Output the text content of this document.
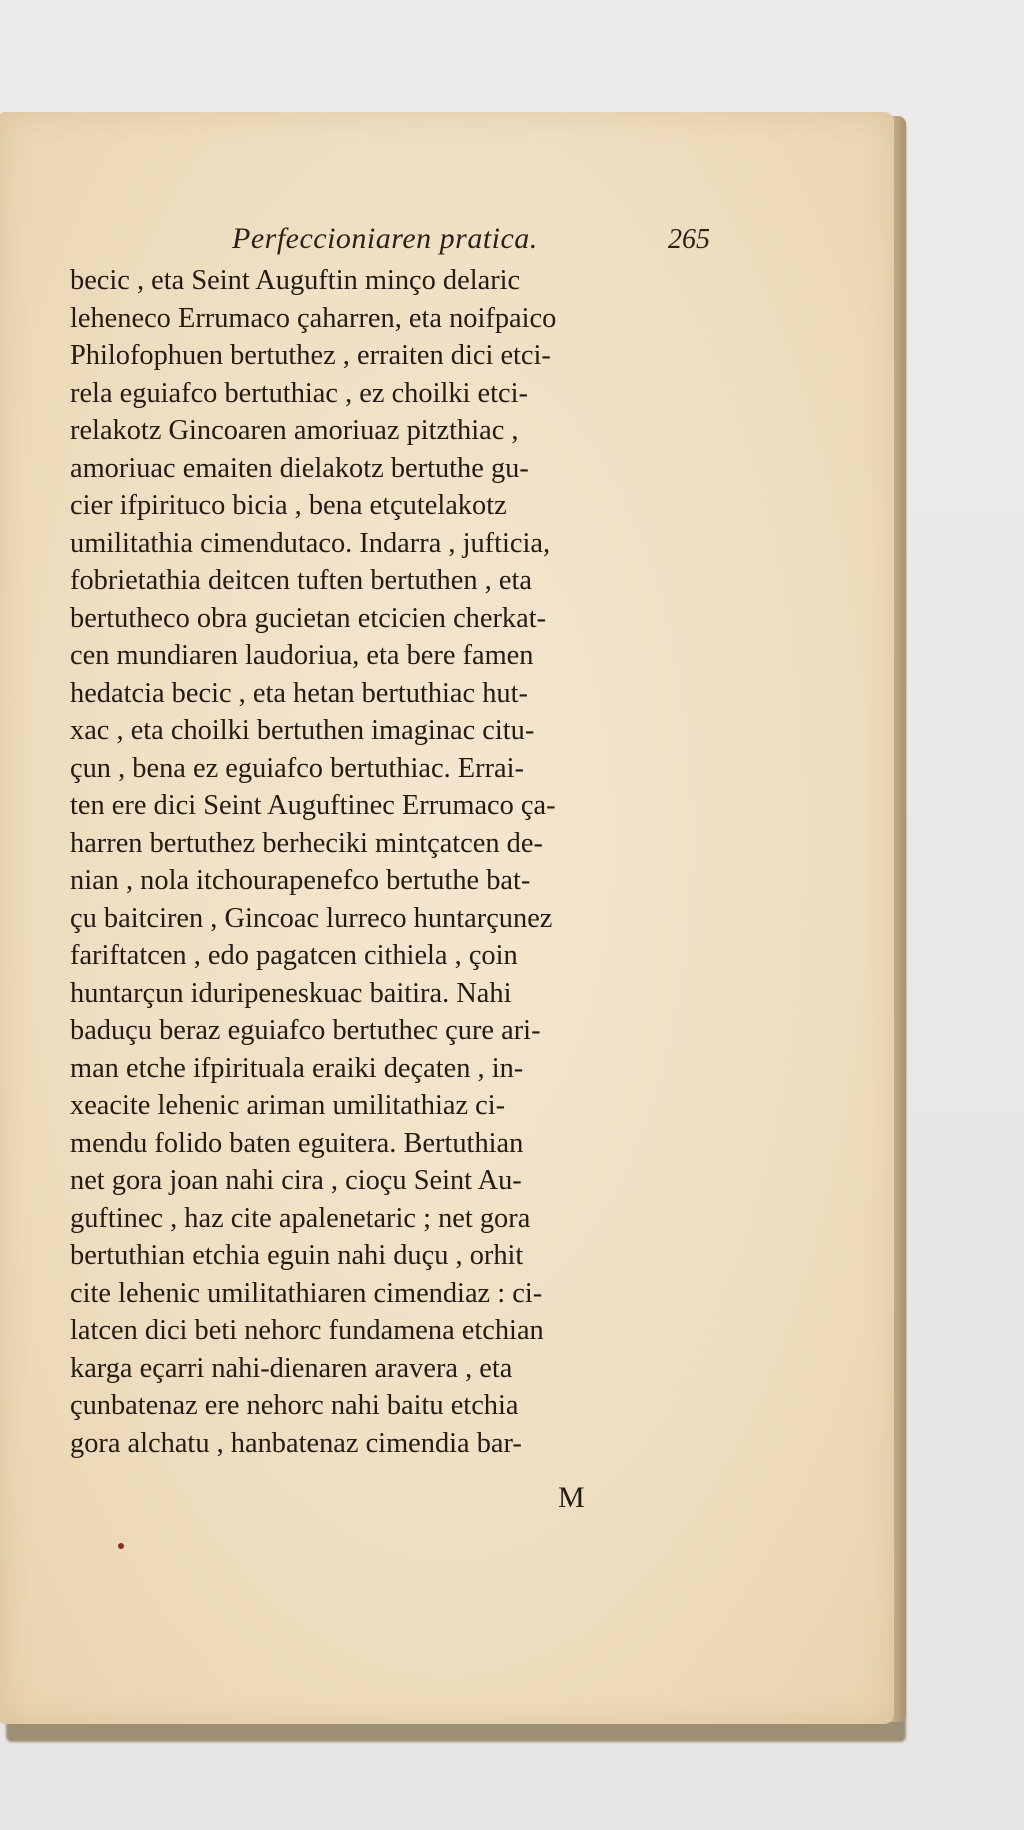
Perfeccioniaren pratica.	265
becic , eta Seint Auguftin minço delaric
leheneco Errumaco çaharren, eta noifpaico
Philofophuen bertuthez , erraiten dici etci-
rela eguiafco bertuthiac , ez choilki etci-
relakotz Gincoaren amoriuaz pitzthiac ,
amoriuac emaiten dielakotz bertuthe gu-
cier ifpirituco bicia , bena etçutelakotz
umilitathia cimendutaco. Indarra , jufticia,
fobrietathia deitcen tuften bertuthen , eta
bertutheco obra gucietan etcicien cherkat-
cen mundiaren laudoriua, eta bere famen
hedatcia becic , eta hetan bertuthiac hut-
xac , eta choilki bertuthen imaginac citu-
çun , bena ez eguiafco bertuthiac. Errai-
ten ere dici Seint Auguftinec Errumaco ça-
harren bertuthez berheciki mintçatcen de-
nian , nola itchourapenefco bertuthe bat-
çu baitciren , Gincoac lurreco huntarçunez
fariftatcen , edo pagatcen cithiela , çoin
huntarçun iduripeneskuac baitira. Nahi
baduçu beraz eguiafco bertuthec çure ari-
man etche ifpirituala eraiki deçaten , in-
xeacite lehenic ariman umilitathiaz ci-
mendu folido baten eguitera. Bertuthian
net gora joan nahi cira , cioçu Seint Au-
guftinec , haz cite apalenetaric ; net gora
bertuthian etchia eguin nahi duçu , orhit
cite lehenic umilitathiaren cimendiaz : ci-
latcen dici beti nehorc fundamena etchian
karga eçarri nahi-dienaren aravera , eta
çunbatenaz ere nehorc nahi baitu etchia
gora alchatu , hanbatenaz cimendia bar-
M
